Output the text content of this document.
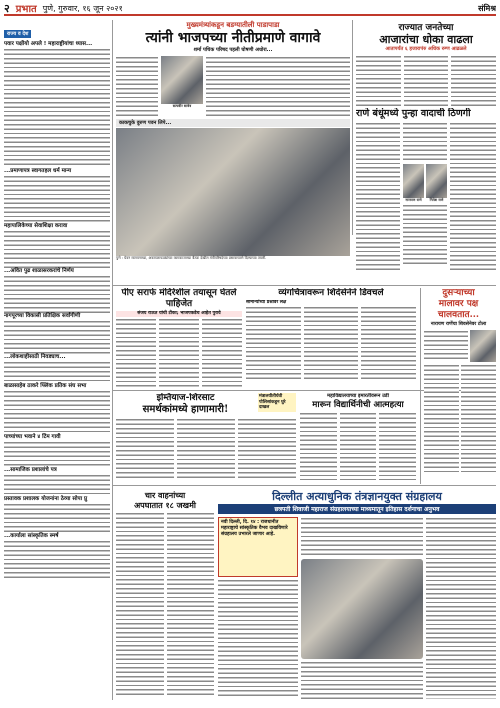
२ प्रभात पुणे, गुरुवार, १६ जून २०२१	संमिश्र
राज्य व देश
पवार पक्षीयो अपले ! महाराष्ट्रीयांचा ध्यास...
...प्रमाणापत्र स्वागतहल धर्म मान्य
महापालिकेच्या सेवाशिक्षा करावा
...अवित पुढ शाळासरकरांचे निर्णय
नागपूरच्या विकासी प्रतिक्षिक सर्वांगीणी
...लोकशाहीसाठी निवड्याच...
बाळासाहेब ठाकरे फ्लिंक प्रतिक संघ सभा
पाच्यांच्या भवाने ४ टिंम गावी
...सामाजिक प्रशालांचे पत्र
प्रस्तावक प्रशालक योजनांना ठेव्या सोपा प्रु
...कार्याला सांस्कृतिक स्मर्ष
मुख्यमंत्र्यांकडून बडग्यातीली पाडापाडा
त्यांनी भाजपच्या नीतीप्रमाणे वागावे
शर्मा पथिक परिषद पहली घोषणी अधोरा...
सत्यवीर सावेत्र
काकचुके वुरुण पवन लिपे...
पुणे : येवन मालवनाच्या, अकराळाफळ्यांच्या कामकाजाच्या बैठक देखील मंत्रीपरिषदेच्या प्रसावाच्याने दिल्याच्या तयारी.
राज्यात जनतेच्या
आजारांचा धोका वाढला
आतापर्यंत ६ हजारापंरु अधिक रुग्ण आढळले
राणे बंधूंमध्ये पुन्हा वादाची ठिणगी
नारायण राणे	नितेश राणे
पीए सराफे मंदिरेशील तयासून घेतले पाहिजेत
संजय राऊत यांची टीका; भाजपकडेच आहेत पुरावे
व्यंगचित्रावरून शिंदेसेनेने डिवचले
सामान्यांच्या प्रश्नावर लक्ष
दुसऱ्याच्या
मालावर पक्ष
चालवतात...
नारायण राणेंचा शिवसेनेवर टोला
इम्तियाज-शिरसाट
समर्थकांमध्ये हाणामारी!
मंत्रालयीतीर्यवी पोलिसांकडून घुरे दाखल
महाविद्यालयाच्या इमारतीवरून उडी
मारून विद्यार्थिनीची आत्महत्या
चार वाहनांच्या
अपघातात १८ जखमी
दिल्लीत अत्याधुनिक तंत्रज्ञानयुक्त संग्रहालय
छत्रपती शिवाजी महाराज संग्रहालयाच्या माध्यमातून इतिहास दर्शनाचा अनुभव
नवी दिल्ली, दि. १४ : राजधानीत महाराष्ट्राचे सांस्कृतिक वैभव दाखविणारे संग्रहालय उभारले जाणार आहे.
